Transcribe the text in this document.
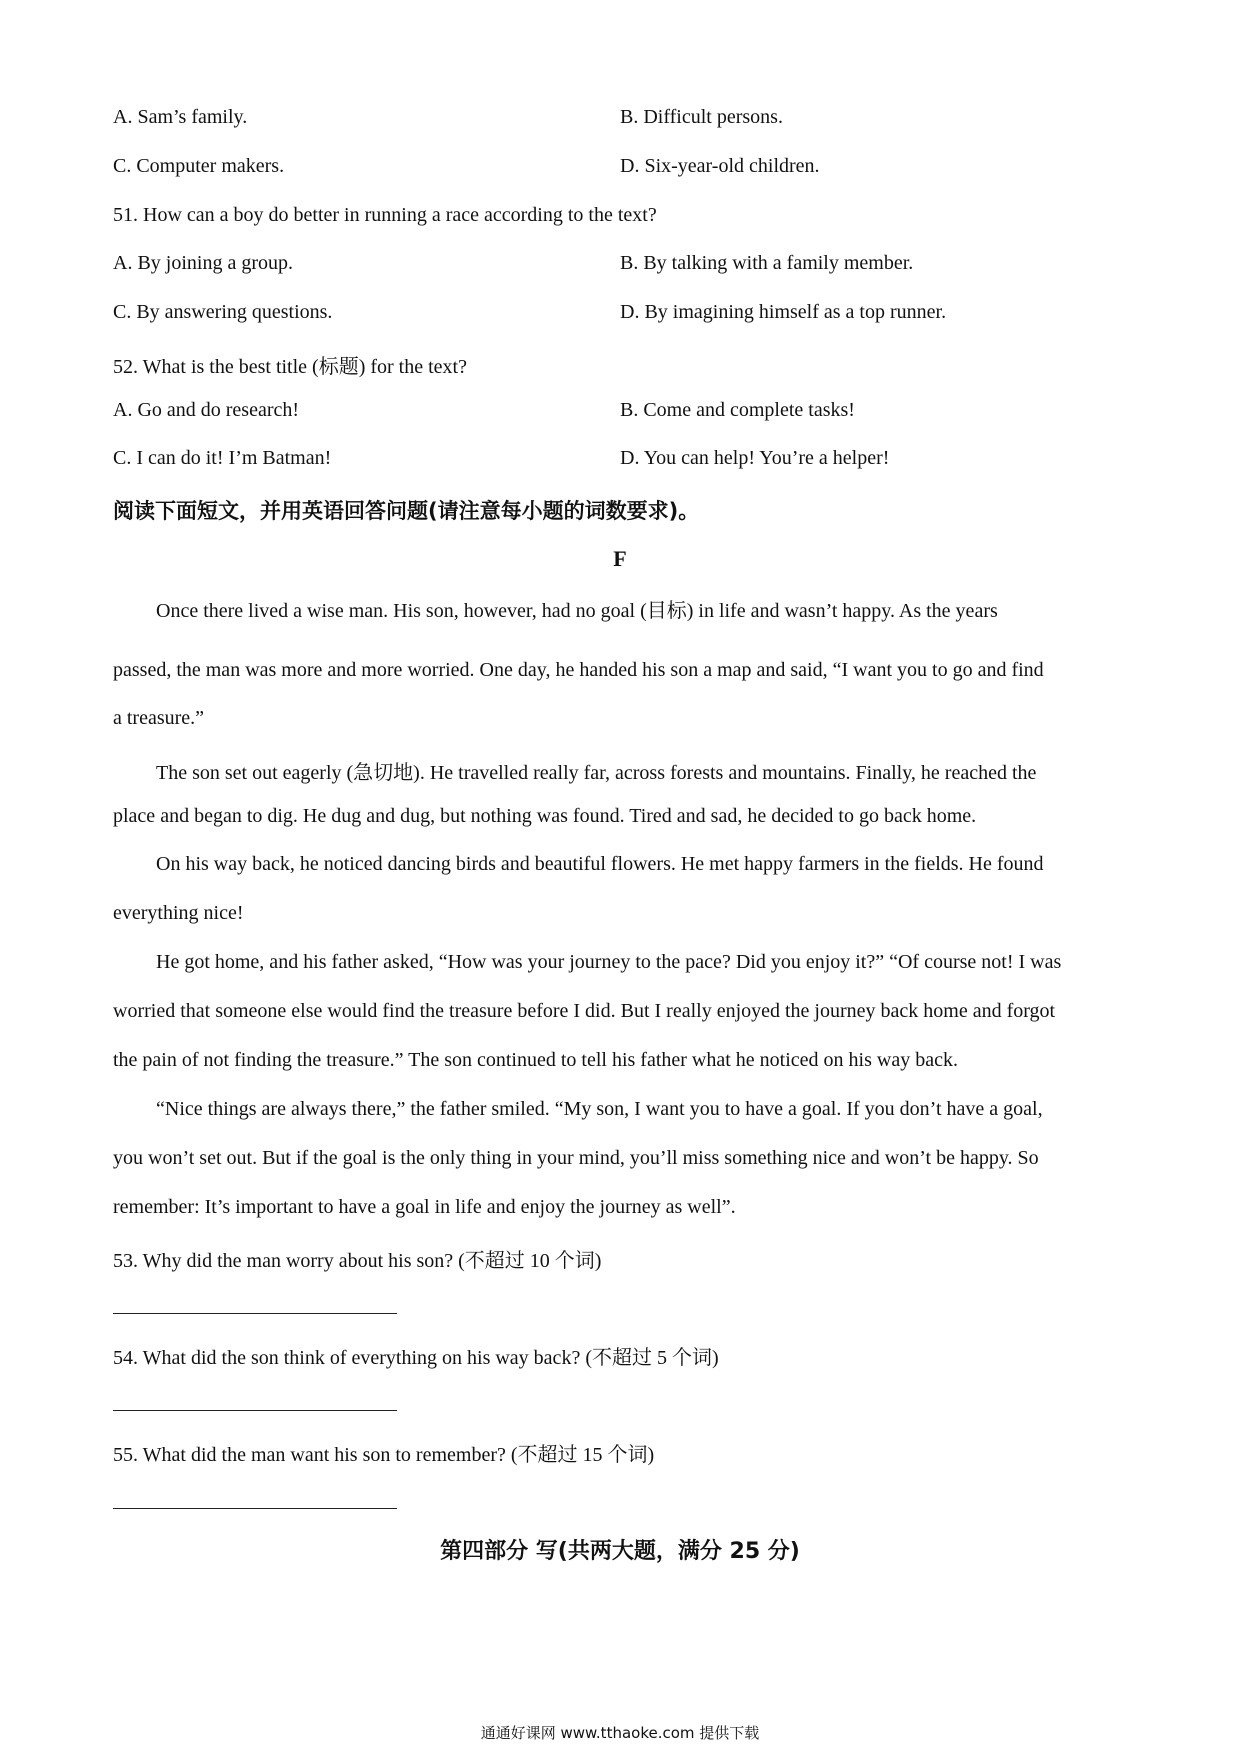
A. Sam’s family.	B. Difficult persons.
C. Computer makers.	D. Six-year-old children.
51. How can a boy do better in running a race according to the text?
A. By joining a group.	B. By talking with a family member.
C. By answering questions.	D. By imagining himself as a top runner.
52. What is the best title (标题) for the text?
A. Go and do research!	B. Come and complete tasks!
C. I can do it! I’m Batman!	D. You can help! You’re a helper!
阅读下面短文，并用英语回答问题(请注意每小题的词数要求)。
F
Once there lived a wise man. His son, however, had no goal (目标) in life and wasn’t happy. As the years
passed, the man was more and more worried. One day, he handed his son a map and said, “I want you to go and find
a treasure.”
The son set out eagerly (急切地). He travelled really far, across forests and mountains. Finally, he reached the
place and began to dig. He dug and dug, but nothing was found. Tired and sad, he decided to go back home.
On his way back, he noticed dancing birds and beautiful flowers. He met happy farmers in the fields. He found
everything nice!
He got home, and his father asked, “How was your journey to the pace? Did you enjoy it?” “Of course not! I was
worried that someone else would find the treasure before I did. But I really enjoyed the journey back home and forgot
the pain of not finding the treasure.” The son continued to tell his father what he noticed on his way back.
“Nice things are always there,” the father smiled. “My son, I want you to have a goal. If you don’t have a goal,
you won’t set out. But if the goal is the only thing in your mind, you’ll miss something nice and won’t be happy. So
remember: It’s important to have a goal in life and enjoy the journey as well”.
53. Why did the man worry about his son? (不超过 10 个词)
54. What did the son think of everything on his way back? (不超过 5 个词)
55. What did the man want his son to remember? (不超过 15 个词)
第四部分 写(共两大题，满分 25 分)
通通好课网 www.tthaoke.com 提供下载
